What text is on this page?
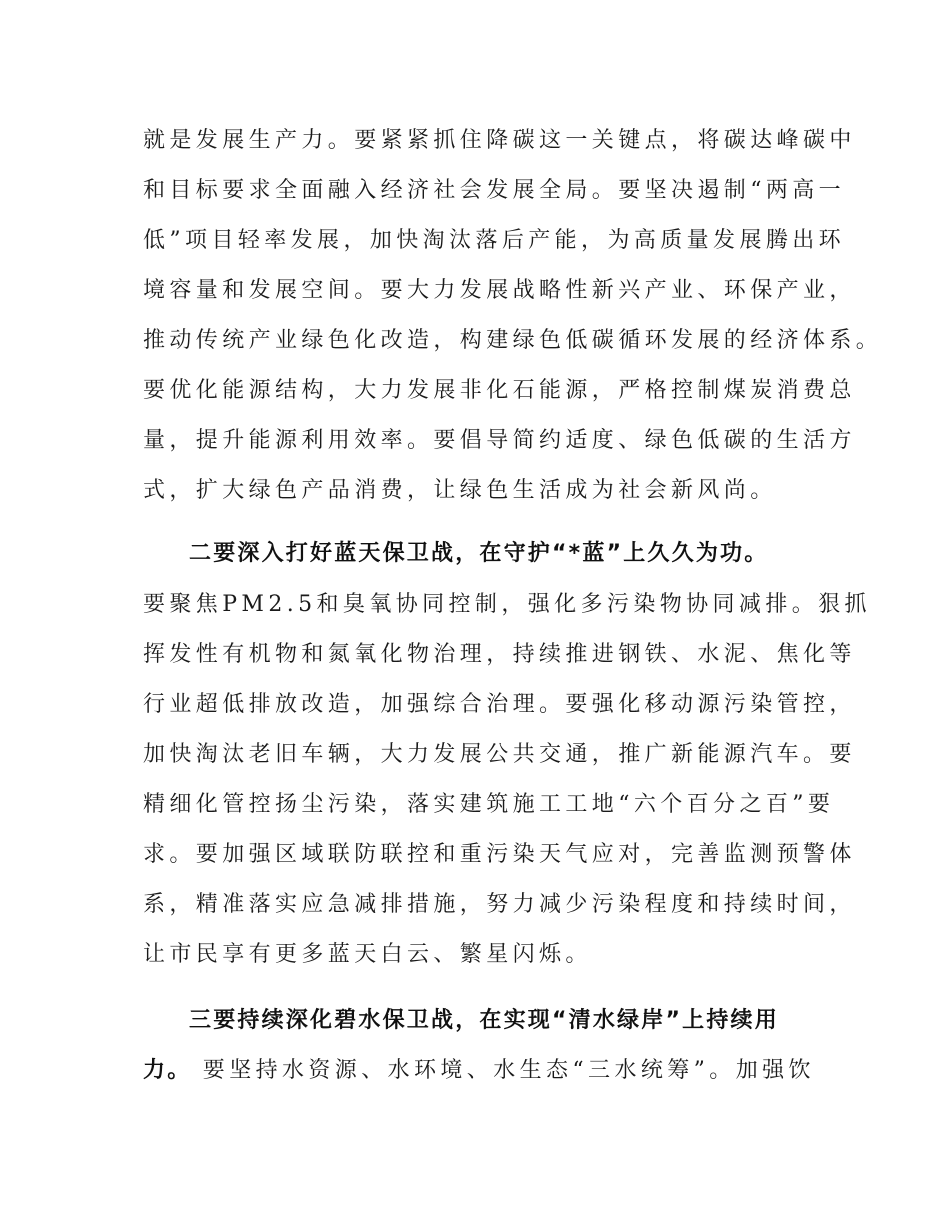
就是发展生产力。要紧紧抓住降碳这一关键点，将碳达峰碳中
和目标要求全面融入经济社会发展全局。要坚决遏制“两高一
低”项目轻率发展，加快淘汰落后产能，为高质量发展腾出环
境容量和发展空间。要大力发展战略性新兴产业、环保产业，
推动传统产业绿色化改造，构建绿色低碳循环发展的经济体系。
要优化能源结构，大力发展非化石能源，严格控制煤炭消费总
量，提升能源利用效率。要倡导简约适度、绿色低碳的生活方
式，扩大绿色产品消费，让绿色生活成为社会新风尚。
二要深入打好蓝天保卫战，在守护“*蓝”上久久为功。
要聚焦PM2.5和臭氧协同控制，强化多污染物协同减排。狠抓
挥发性有机物和氮氧化物治理，持续推进钢铁、水泥、焦化等
行业超低排放改造，加强综合治理。要强化移动源污染管控，
加快淘汰老旧车辆，大力发展公共交通，推广新能源汽车。要
精细化管控扬尘污染，落实建筑施工工地“六个百分之百”要
求。要加强区域联防联控和重污染天气应对，完善监测预警体
系，精准落实应急减排措施，努力减少污染程度和持续时间，
让市民享有更多蓝天白云、繁星闪烁。
三要持续深化碧水保卫战，在实现“清水绿岸”上持续用
力。 要坚持水资源、水环境、水生态“三水统筹”。加强饮
